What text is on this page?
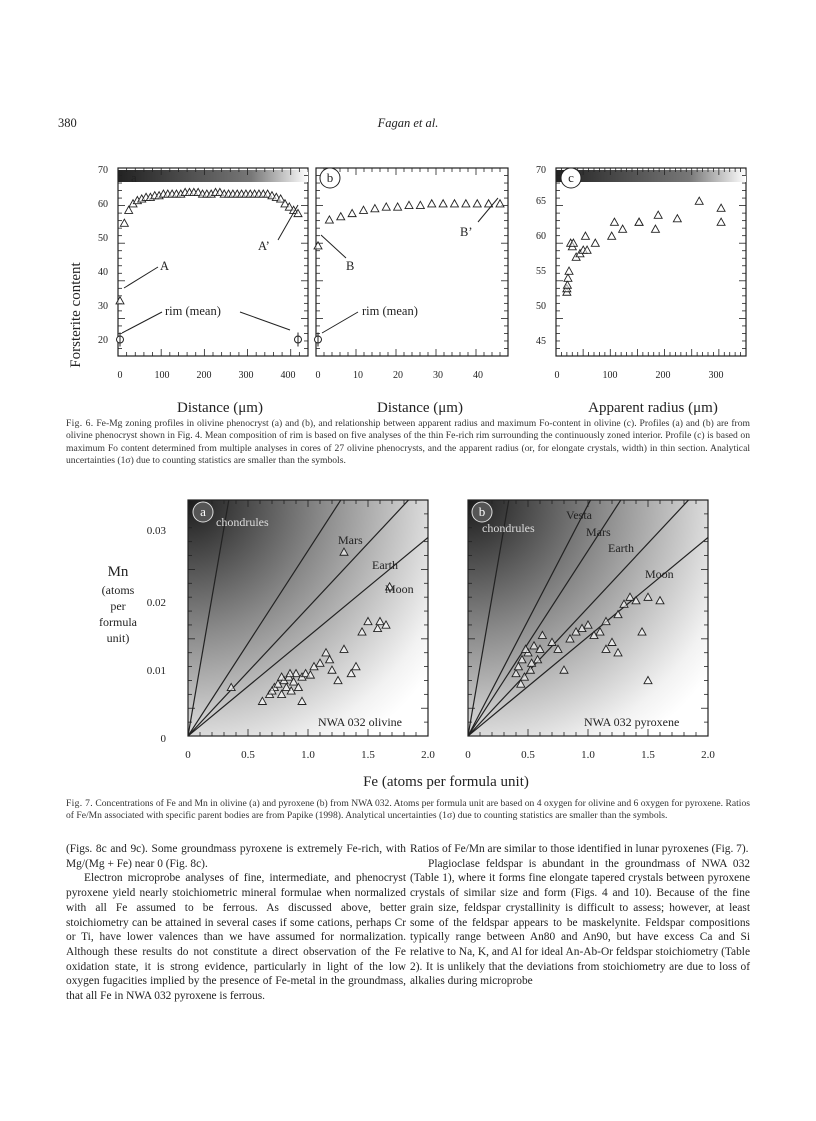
380	Fagan et al.
Forsterite content
a
A
A’
rim (mean)
70
60
50
40
30
20
0	100	200	300	400
b
B
B’
rim (mean)
0	10	20	30	40
c
70
65
60
55
50
45
0	100	200	300
Distance (μm)	Distance (μm)	Apparent radius (μm)
Fig. 6. Fe-Mg zoning profiles in olivine phenocryst (a) and (b), and relationship between apparent radius and maximum Fo-content in olivine (c). Profiles (a) and (b) are from olivine phenocryst shown in Fig. 4. Mean composition of rim is based on five analyses of the thin Fe-rich rim surrounding the continuously zoned interior. Profile (c) is based on maximum Fo content determined from multiple analyses in cores of 27 olivine phenocrysts, and the apparent radius (or, for elongate crystals, width) in thin section. Analytical uncertainties (1σ) due to counting statistics are smaller than the symbols.
Mn
(atoms
per
formula
unit)
0.03
0.02
0.01
0
a
chondrules
Mars
Earth
Moon
NWA 032 olivine
b
chondrules
Vesta
Mars
Earth
Moon
NWA 032 pyroxene
0	0.5	1.0	1.5	2.0	0	0.5	1.0	1.5	2.0
Fe (atoms per formula unit)
Fig. 7. Concentrations of Fe and Mn in olivine (a) and pyroxene (b) from NWA 032. Atoms per formula unit are based on 4 oxygen for olivine and 6 oxygen for pyroxene. Ratios of Fe/Mn associated with specific parent bodies are from Papike (1998). Analytical uncertainties (1σ) due to counting statistics are smaller than the symbols.

(Figs. 8c and 9c). Some groundmass pyroxene is extremely Fe-rich, with Mg/(Mg + Fe) near 0 (Fig. 8c).

Electron microprobe analyses of fine, intermediate, and phenocryst pyroxene yield nearly stoichiometric mineral formulae when normalized with all Fe assumed to be ferrous. As discussed above, better stoichiometry can be attained in several cases if some cations, perhaps Cr or Ti, have lower valences than we have assumed for normalization. Although these results do not constitute a direct observation of the Fe oxidation state, it is strong evidence, particularly in light of the low oxygen fugacities implied by the presence of Fe-metal in the groundmass, that all Fe in NWA 032 pyroxene is ferrous.

Ratios of Fe/Mn are similar to those identified in lunar pyroxenes (Fig. 7).

Plagioclase feldspar is abundant in the groundmass of NWA 032 (Table 1), where it forms fine elongate tapered crystals between pyroxene crystals of similar size and form (Figs. 4 and 10). Because of the fine grain size, feldspar crystallinity is difficult to assess; however, at least some of the feldspar appears to be maskelynite. Feldspar compositions typically range between An80 and An90, but have excess Ca and Si relative to Na, K, and Al for ideal An-Ab-Or feldspar stoichiometry (Table 2). It is unlikely that the deviations from stoichiometry are due to loss of alkalies during microprobe
